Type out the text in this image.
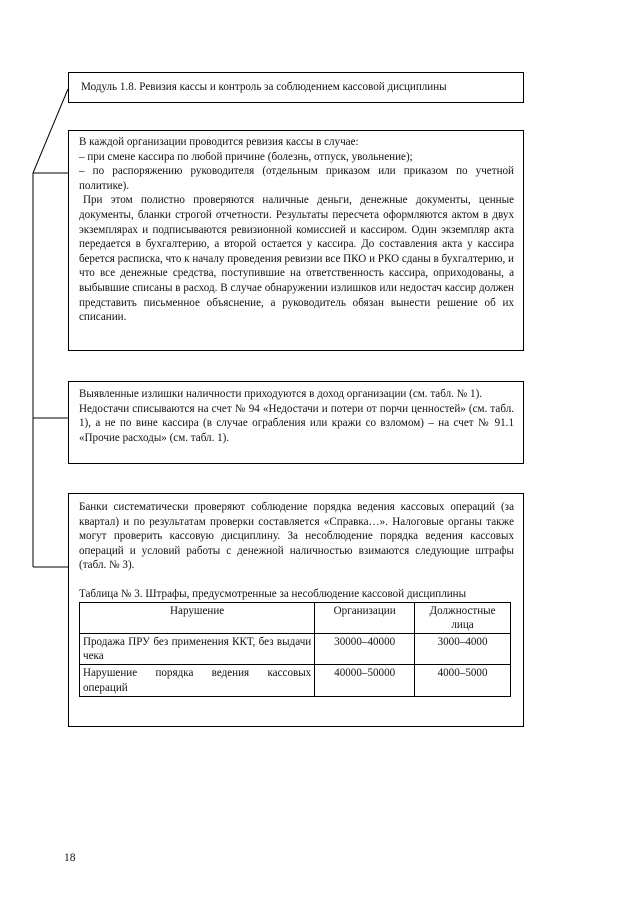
Модуль 1.8. Ревизия кассы и контроль за соблюдением кассовой дисциплины

В каждой организации проводится ревизия кассы в случае:

– при смене кассира по любой причине (болезнь, отпуск, увольнение);

– по распоряжению руководителя (отдельным приказом или приказом по учетной политике).

При этом полистно проверяются наличные деньги, денежные документы, ценные документы, бланки строгой отчетности. Результаты пересчета оформляются актом в двух экземплярах и подписываются ревизионной комиссией и кассиром. Один экземпляр акта передается в бухгалтерию, а второй остается у кассира. До составления акта у кассира берется расписка, что к началу проведения ревизии все ПКО и РКО сданы в бухгалтерию, и что все денежные средства, поступившие на ответственность кассира, оприходованы, а выбывшие списаны в расход. В случае обнаружении излишков или недостач кассир должен представить письменное объяснение, а руководитель обязан вынести решение об их списании.

Выявленные излишки наличности приходуются в доход организации (см. табл. № 1).

Недостачи списываются на счет № 94 «Недостачи и потери от порчи ценностей» (см. табл. 1), а не по вине кассира (в случае ограбления или кражи со взломом) – на счет № 91.1 «Прочие расходы» (см. табл. 1).

Банки систематически проверяют соблюдение порядка ведения кассовых операций (за квартал) и по результатам проверки составляется «Справка…». Налоговые органы также могут проверить кассовую дисциплину. За несоблюдение порядка ведения кассовых операций и условий работы с денежной наличностью взимаются следующие штрафы (табл. № 3).

Таблица № 3. Штрафы, предусмотренные за несоблюдение кассовой дисциплины

Нарушение	Организации	Должностные лица
Продажа ПРУ без применения ККТ, без выдачи чека	30000–40000	3000–4000
Нарушение порядка ведения кассовых операций	40000–50000	4000–5000
18
